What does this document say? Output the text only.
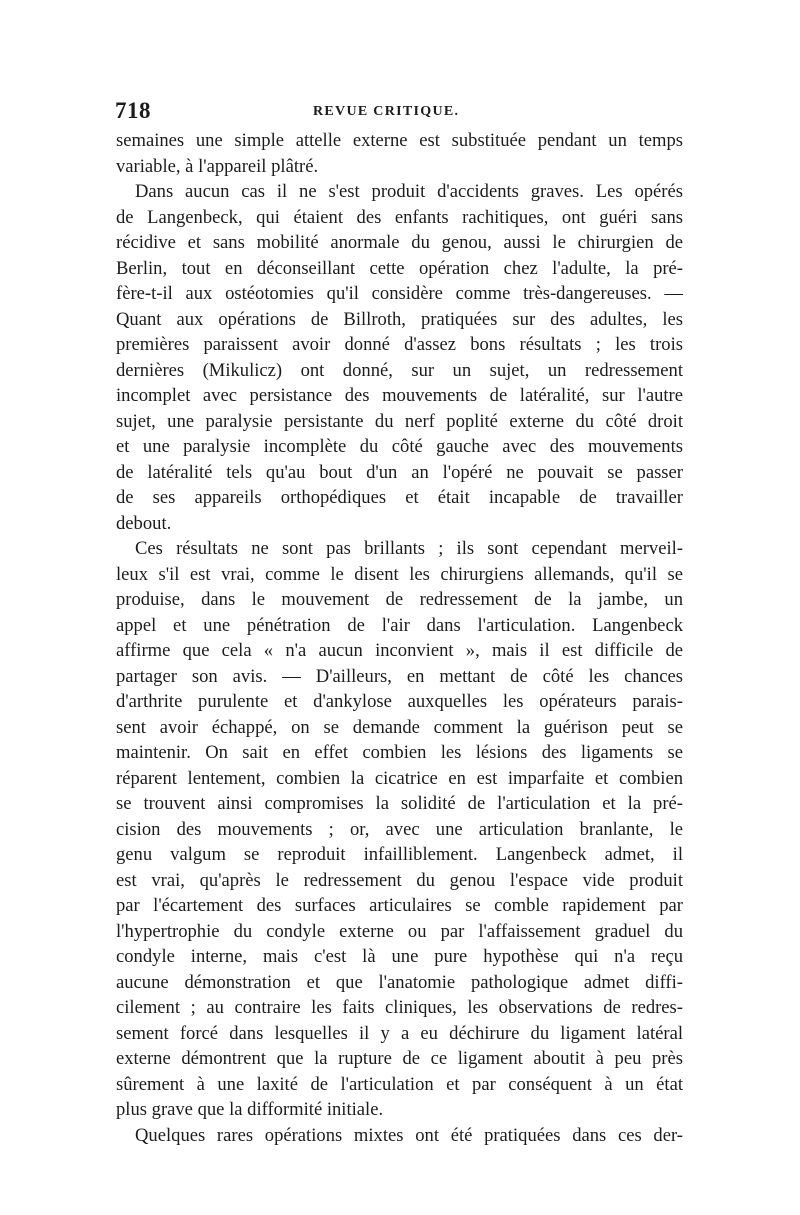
718	REVUE CRITIQUE.
semaines une simple attelle externe est substituée pendant un temps
variable, à l'appareil plâtré.
Dans aucun cas il ne s'est produit d'accidents graves. Les opérés
de Langenbeck, qui étaient des enfants rachitiques, ont guéri sans
récidive et sans mobilité anormale du genou, aussi le chirurgien de
Berlin, tout en déconseillant cette opération chez l'adulte, la pré-
fère-t-il aux ostéotomies qu'il considère comme très-dangereuses. —
Quant aux opérations de Billroth, pratiquées sur des adultes, les
premières paraissent avoir donné d'assez bons résultats ; les trois
dernières (Mikulicz) ont donné, sur un sujet, un redressement
incomplet avec persistance des mouvements de latéralité, sur l'autre
sujet, une paralysie persistante du nerf poplité externe du côté droit
et une paralysie incomplète du côté gauche avec des mouvements
de latéralité tels qu'au bout d'un an l'opéré ne pouvait se passer
de ses appareils orthopédiques et était incapable de travailler
debout.
Ces résultats ne sont pas brillants ; ils sont cependant merveil-
leux s'il est vrai, comme le disent les chirurgiens allemands, qu'il se
produise, dans le mouvement de redressement de la jambe, un
appel et une pénétration de l'air dans l'articulation. Langenbeck
affirme que cela « n'a aucun inconvient », mais il est difficile de
partager son avis. — D'ailleurs, en mettant de côté les chances
d'arthrite purulente et d'ankylose auxquelles les opérateurs parais-
sent avoir échappé, on se demande comment la guérison peut se
maintenir. On sait en effet combien les lésions des ligaments se
réparent lentement, combien la cicatrice en est imparfaite et combien
se trouvent ainsi compromises la solidité de l'articulation et la pré-
cision des mouvements ; or, avec une articulation branlante, le
genu valgum se reproduit infailliblement. Langenbeck admet, il
est vrai, qu'après le redressement du genou l'espace vide produit
par l'écartement des surfaces articulaires se comble rapidement par
l'hypertrophie du condyle externe ou par l'affaissement graduel du
condyle interne, mais c'est là une pure hypothèse qui n'a reçu
aucune démonstration et que l'anatomie pathologique admet diffi-
cilement ; au contraire les faits cliniques, les observations de redres-
sement forcé dans lesquelles il y a eu déchirure du ligament latéral
externe démontrent que la rupture de ce ligament aboutit à peu près
sûrement à une laxité de l'articulation et par conséquent à un état
plus grave que la difformité initiale.
Quelques rares opérations mixtes ont été pratiquées dans ces der-
